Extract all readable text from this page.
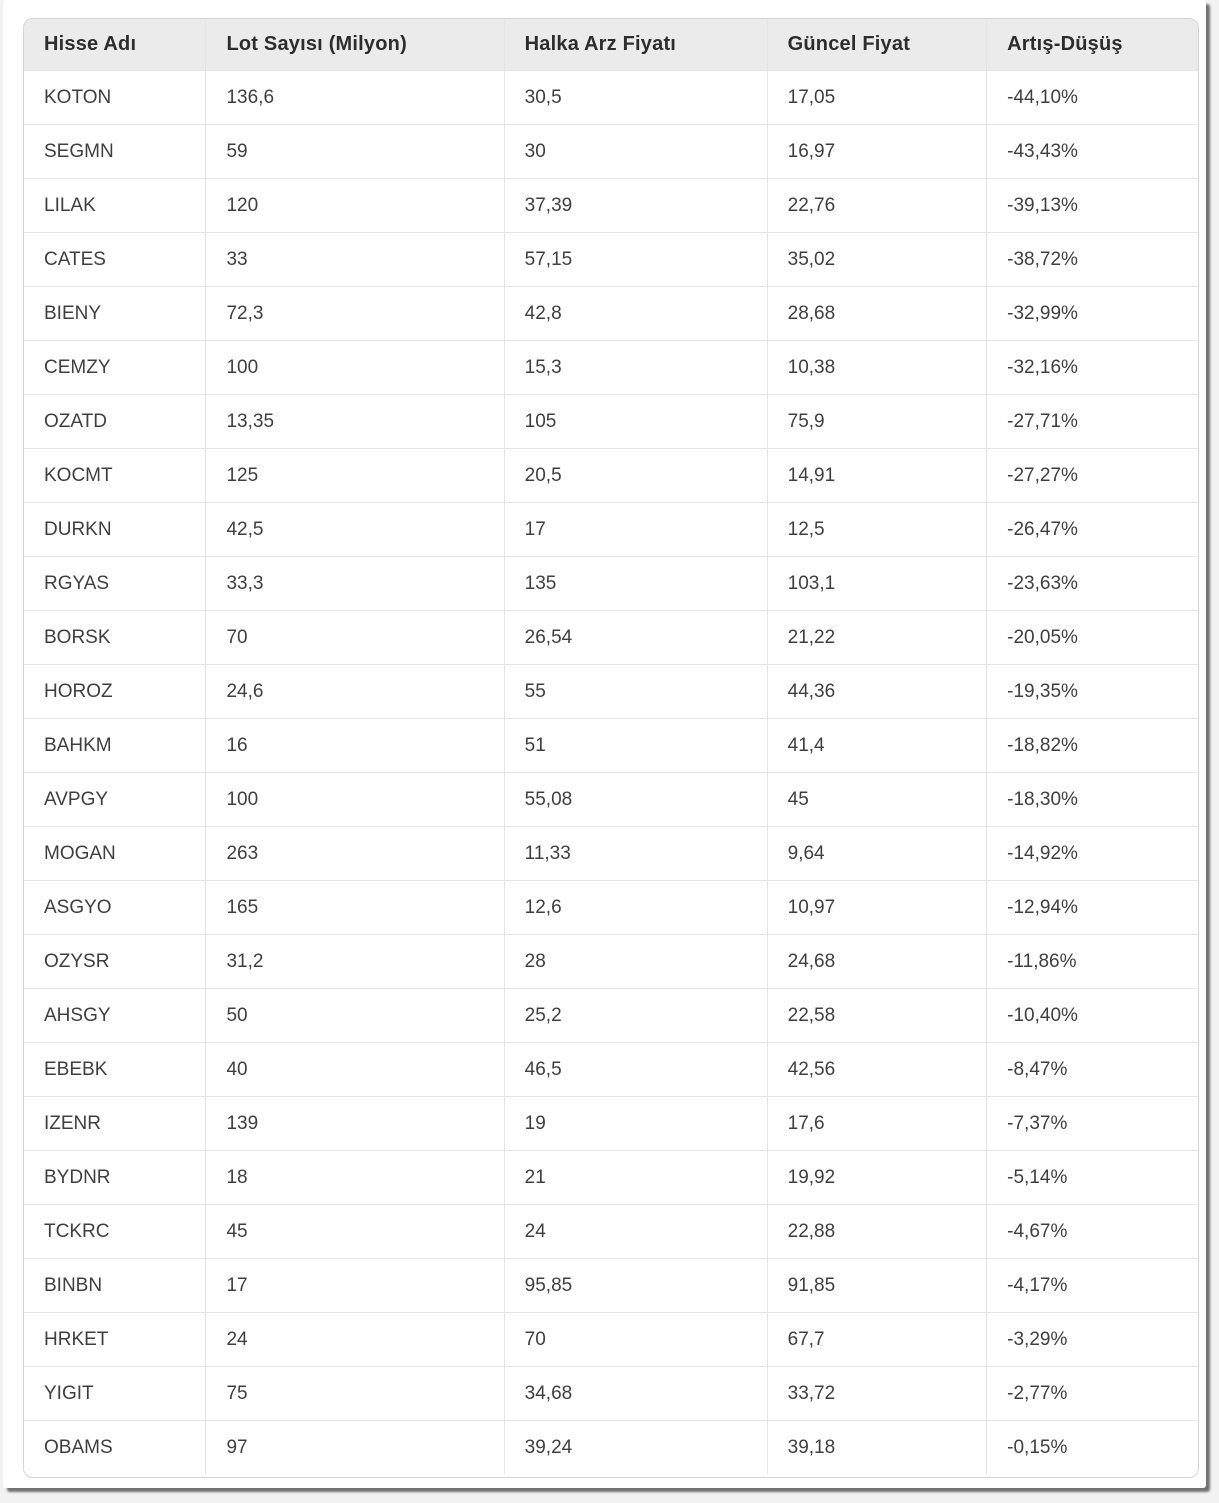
Hisse Adı	Lot Sayısı (Milyon)	Halka Arz Fiyatı	Güncel Fiyat	Artış-Düşüş
KOTON	136,6	30,5	17,05	-44,10%
SEGMN	59	30	16,97	-43,43%
LILAK	120	37,39	22,76	-39,13%
CATES	33	57,15	35,02	-38,72%
BIENY	72,3	42,8	28,68	-32,99%
CEMZY	100	15,3	10,38	-32,16%
OZATD	13,35	105	75,9	-27,71%
KOCMT	125	20,5	14,91	-27,27%
DURKN	42,5	17	12,5	-26,47%
RGYAS	33,3	135	103,1	-23,63%
BORSK	70	26,54	21,22	-20,05%
HOROZ	24,6	55	44,36	-19,35%
BAHKM	16	51	41,4	-18,82%
AVPGY	100	55,08	45	-18,30%
MOGAN	263	11,33	9,64	-14,92%
ASGYO	165	12,6	10,97	-12,94%
OZYSR	31,2	28	24,68	-11,86%
AHSGY	50	25,2	22,58	-10,40%
EBEBK	40	46,5	42,56	-8,47%
IZENR	139	19	17,6	-7,37%
BYDNR	18	21	19,92	-5,14%
TCKRC	45	24	22,88	-4,67%
BINBN	17	95,85	91,85	-4,17%
HRKET	24	70	67,7	-3,29%
YIGIT	75	34,68	33,72	-2,77%
OBAMS	97	39,24	39,18	-0,15%
